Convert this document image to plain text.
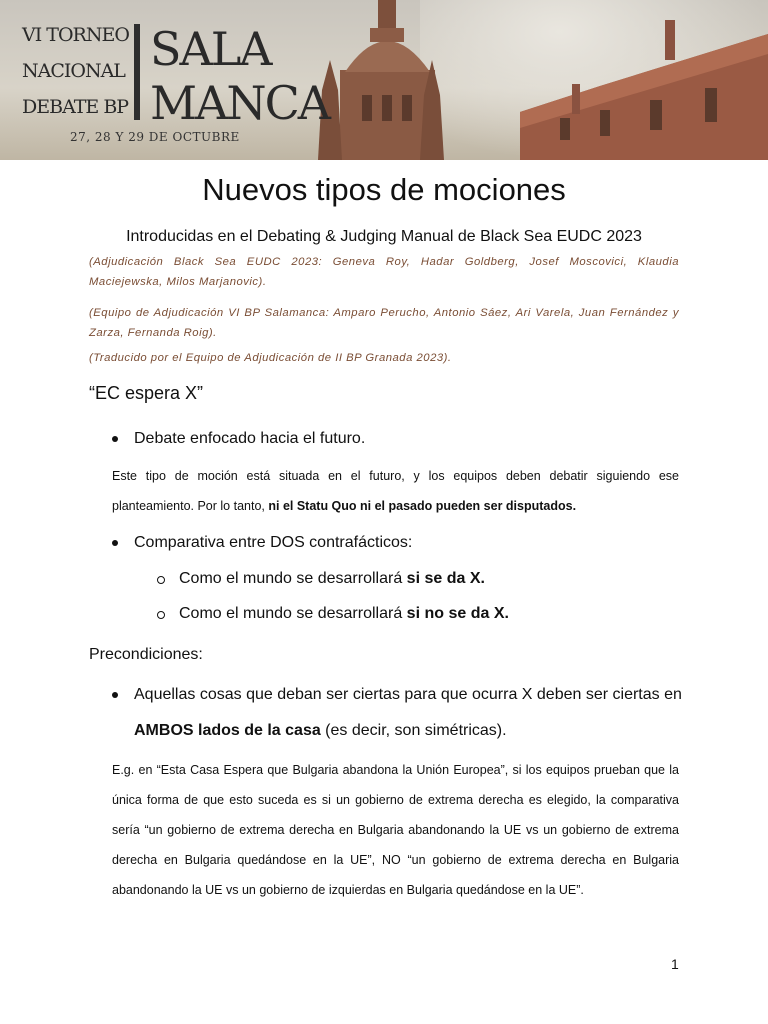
VI TORNEO
NACIONAL
DEBATE BP
SALA
MANCA
27, 28 Y 29 DE OCTUBRE
Nuevos tipos de mociones
Introducidas en el Debating & Judging Manual de Black Sea EUDC 2023
(Adjudicación Black Sea EUDC 2023: Geneva Roy, Hadar Goldberg, Josef Moscovici, Klaudia Maciejewska, Milos Marjanovic).
(Equipo de Adjudicación VI BP Salamanca: Amparo Perucho, Antonio Sáez, Ari Varela, Juan Fernández y Zarza, Fernanda Roig).
(Traducido por el Equipo de Adjudicación de II BP Granada 2023).
“EC espera X”
Debate enfocado hacia el futuro.
Este tipo de moción está situada en el futuro, y los equipos deben debatir siguiendo ese planteamiento. Por lo tanto, ni el Statu Quo ni el pasado pueden ser disputados.
Comparativa entre DOS contrafácticos:
Como el mundo se desarrollará si se da X.
Como el mundo se desarrollará si no se da X.
Precondiciones:
Aquellas cosas que deban ser ciertas para que ocurra X deben ser ciertas en
AMBOS lados de la casa (es decir, son simétricas).
E.g. en “Esta Casa Espera que Bulgaria abandona la Unión Europea”, si los equipos prueban que la única forma de que esto suceda es si un gobierno de extrema derecha es elegido, la comparativa sería “un gobierno de extrema derecha en Bulgaria abandonando la UE vs un gobierno de extrema derecha en Bulgaria quedándose en la UE”, NO “un gobierno de extrema derecha en Bulgaria abandonando la UE vs un gobierno de izquierdas en Bulgaria quedándose en la UE”.
1
